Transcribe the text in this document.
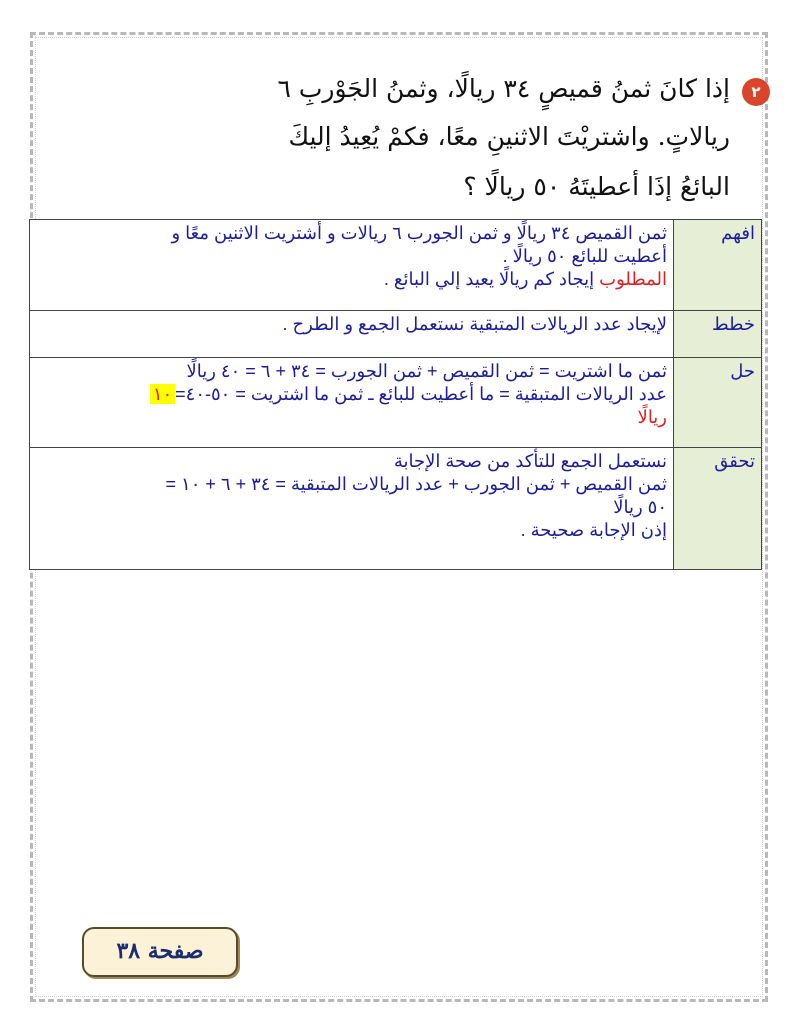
٢
إذا كانَ ثمنُ قميصٍ ٣٤ ريالًا، وثمنُ الجَوْربِ ٦
ريالاتٍ. واشتريْتَ الاثنينِ معًا، فكمْ يُعِيدُ إليكَ
البائعُ إذَا أعطيتَهُ ٥٠ ريالًا ؟
افهم	ثمن القميص ٣٤ ريالًا و ثمن الجورب ٦ ريالات و أشتريت الاثنين معًا و
أعطيت للبائع ٥٠ ريالًا .
المطلوب إيجاد كم ريالًا يعيد إلي البائع .

خطط	لإيجاد عدد الريالات المتبقية نستعمل الجمع و الطرح .

حل	ثمن ما اشتريت = ثمن القميص + ثمن الجورب = ٣٤ + ٦ = ٤٠ ريالًا
عدد الريالات المتبقية = ما أعطيت للبائع ـ ثمن ما اشتريت = ٥٠-٤٠=١٠
ريالًا

تحقق	نستعمل الجمع للتأكد من صحة الإجابة
ثمن القميص + ثمن الجورب + عدد الريالات المتبقية = ٣٤ + ٦ + ١٠ =
٥٠ ريالًا
إذن الإجابة صحيحة .
صفحة ٣٨
